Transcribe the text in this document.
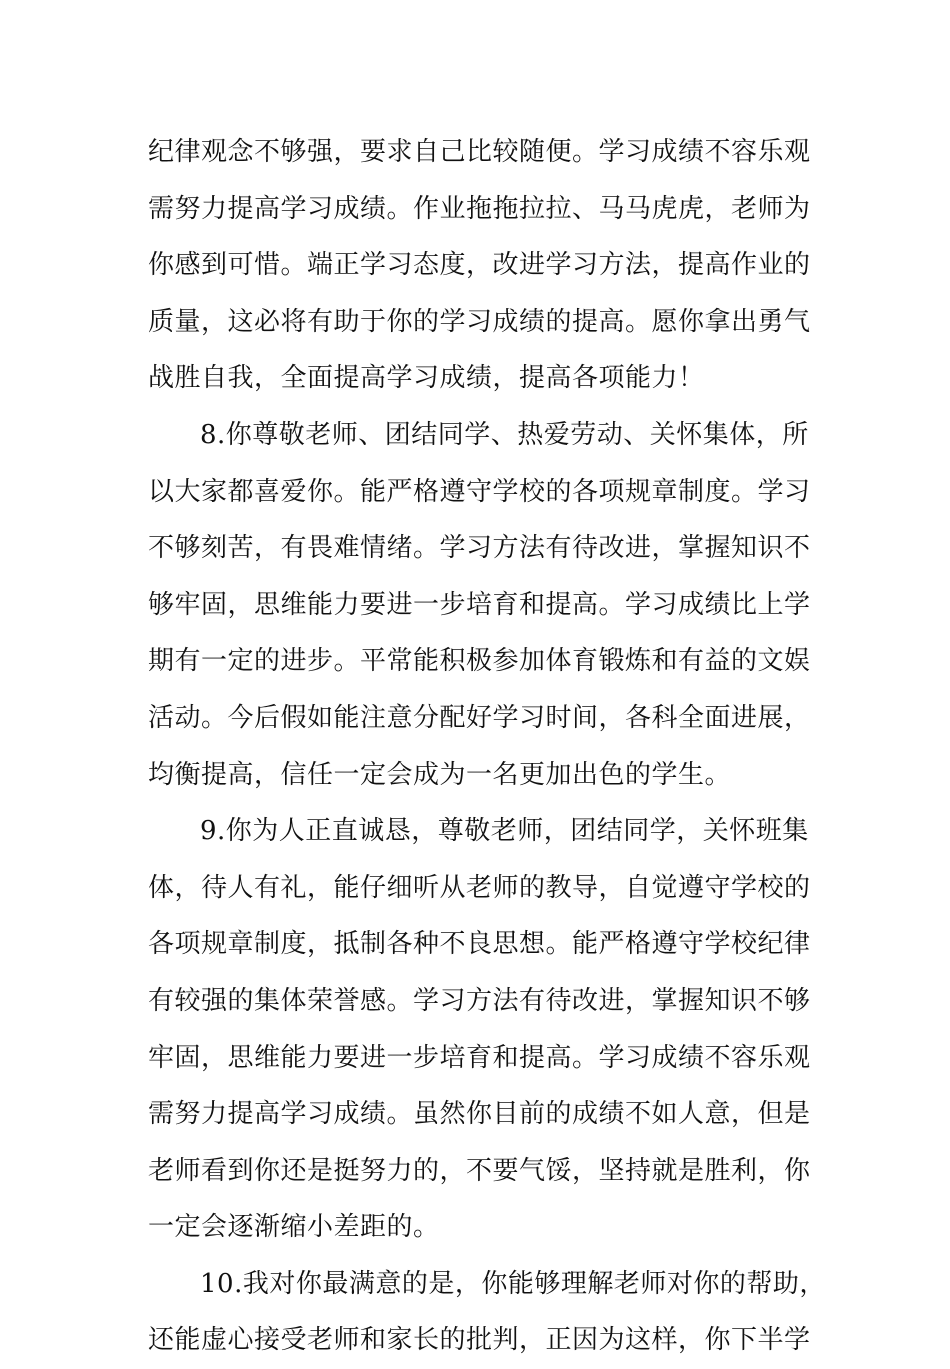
纪律观念不够强，要求自己比较随便。学习成绩不容乐观
需努力提高学习成绩。作业拖拖拉拉、马马虎虎，老师为
你感到可惜。端正学习态度，改进学习方法，提高作业的
质量，这必将有助于你的学习成绩的提高。愿你拿出勇气
战胜自我，全面提高学习成绩，提高各项能力！
8.你尊敬老师、团结同学、热爱劳动、关怀集体，所
以大家都喜爱你。能严格遵守学校的各项规章制度。学习
不够刻苦，有畏难情绪。学习方法有待改进，掌握知识不
够牢固，思维能力要进一步培育和提高。学习成绩比上学
期有一定的进步。平常能积极参加体育锻炼和有益的文娱
活动。今后假如能注意分配好学习时间，各科全面进展，
均衡提高，信任一定会成为一名更加出色的学生。
9.你为人正直诚恳，尊敬老师，团结同学，关怀班集
体，待人有礼，能仔细听从老师的教导，自觉遵守学校的
各项规章制度，抵制各种不良思想。能严格遵守学校纪律
有较强的集体荣誉感。学习方法有待改进，掌握知识不够
牢固，思维能力要进一步培育和提高。学习成绩不容乐观
需努力提高学习成绩。虽然你目前的成绩不如人意，但是
老师看到你还是挺努力的，不要气馁，坚持就是胜利，你
一定会逐渐缩小差距的。
10.我对你最满意的是，你能够理解老师对你的帮助，
还能虚心接受老师和家长的批判，正因为这样，你下半学
